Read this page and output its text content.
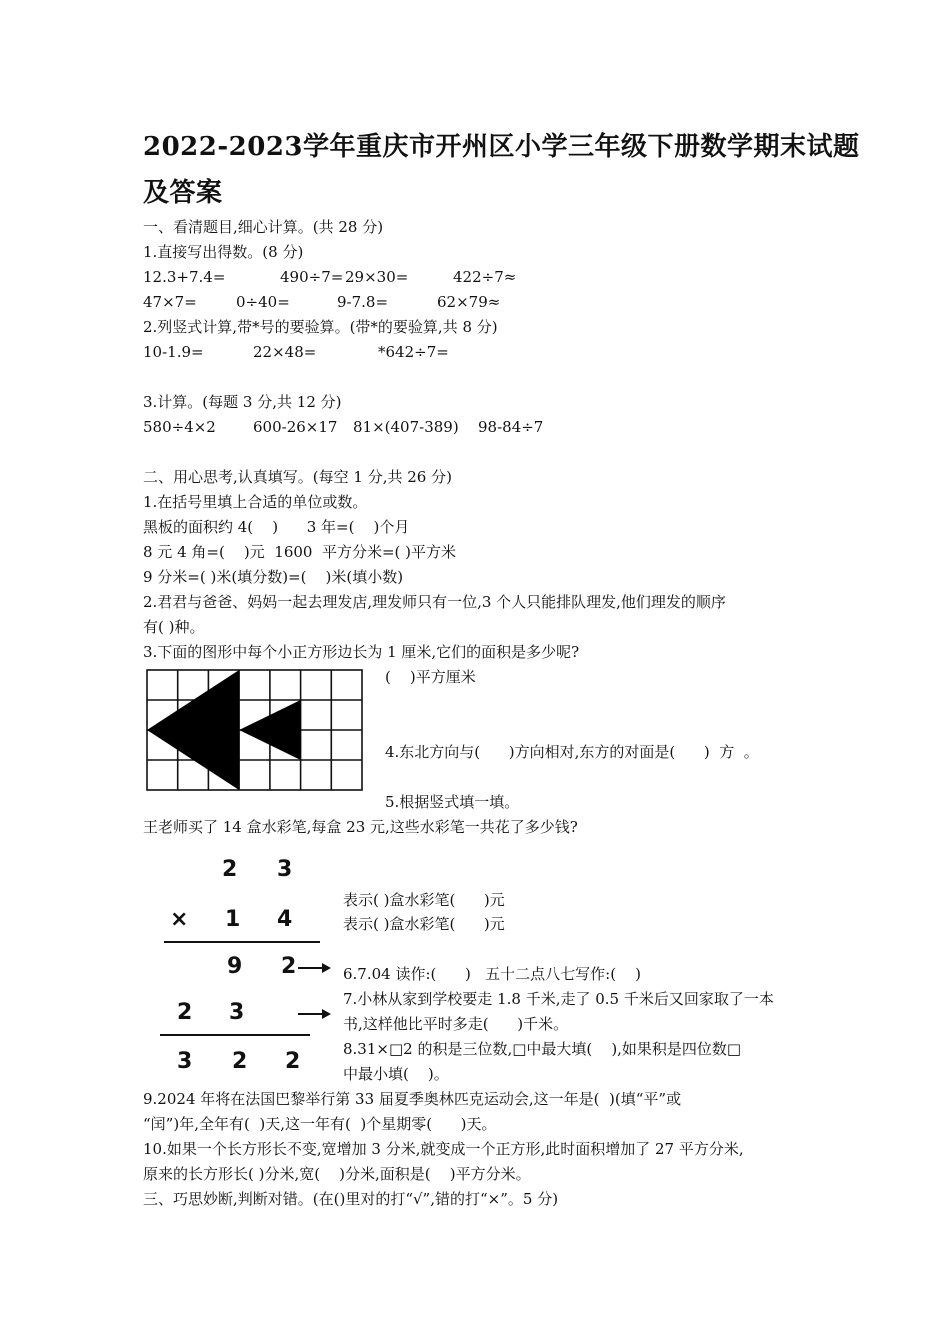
2022-2023学年重庆市开州区小学三年级下册数学期末试题
及答案
一、看清题目,细心计算。(共 28 分)
1.直接写出得数。(8 分)
12.3+7.4=	490÷7= 29×30=	422÷7≈
47×7=	0÷40=	9-7.8=	62×79≈
2.列竖式计算,带*号的要验算。(带*的要验算,共 8 分)
10-1.9=	22×48=	*642÷7=
3.计算。(每题 3 分,共 12 分)
580÷4×2 600-26×17 81×(407-389) 98-84÷7
二、用心思考,认真填写。(每空 1 分,共 26 分)
1.在括号里填上合适的单位或数。
黑板的面积约 4(    )      3 年=(    )个月
8 元 4 角=(    )元  1600  平方分米=( )平方米
9 分米=( )米(填分数)=(    )米(填小数)
2.君君与爸爸、妈妈一起去理发店,理发师只有一位,3 个人只能排队理发,他们理发的顺序
有( )种。
3.下面的图形中每个小正方形边长为 1 厘米,它们的面积是多少呢?
(    )平方厘米
4.东北方向与(      )方向相对,东方的对面是(      )  方  。
5.根据竖式填一填。
王老师买了 14 盒水彩笔,每盒 23 元,这些水彩笔一共花了多少钱?
2 3
× 1 4
9 2
2 3
3 2 2
表示( )盒水彩笔(      )元
表示( )盒水彩笔(      )元
6.7.04 读作:(      )   五十二点八七写作:(    )
7.小林从家到学校要走 1.8 千米,走了 0.5 千米后又回家取了一本
书,这样他比平时多走(      )千米。
8.31×□2 的积是三位数,□中最大填(    ),如果积是四位数□
中最小填(    )。
9.2024 年将在法国巴黎举行第 33 届夏季奥林匹克运动会,这一年是(  )(填“平”或
“闰”)年,全年有(  )天,这一年有(  )个星期零(      )天。
10.如果一个长方形长不变,宽增加 3 分米,就变成一个正方形,此时面积增加了 27 平方分米,
原来的长方形长( )分米,宽(    )分米,面积是(    )平方分米。
三、巧思妙断,判断对错。(在()里对的打“√”,错的打“×”。5 分)
